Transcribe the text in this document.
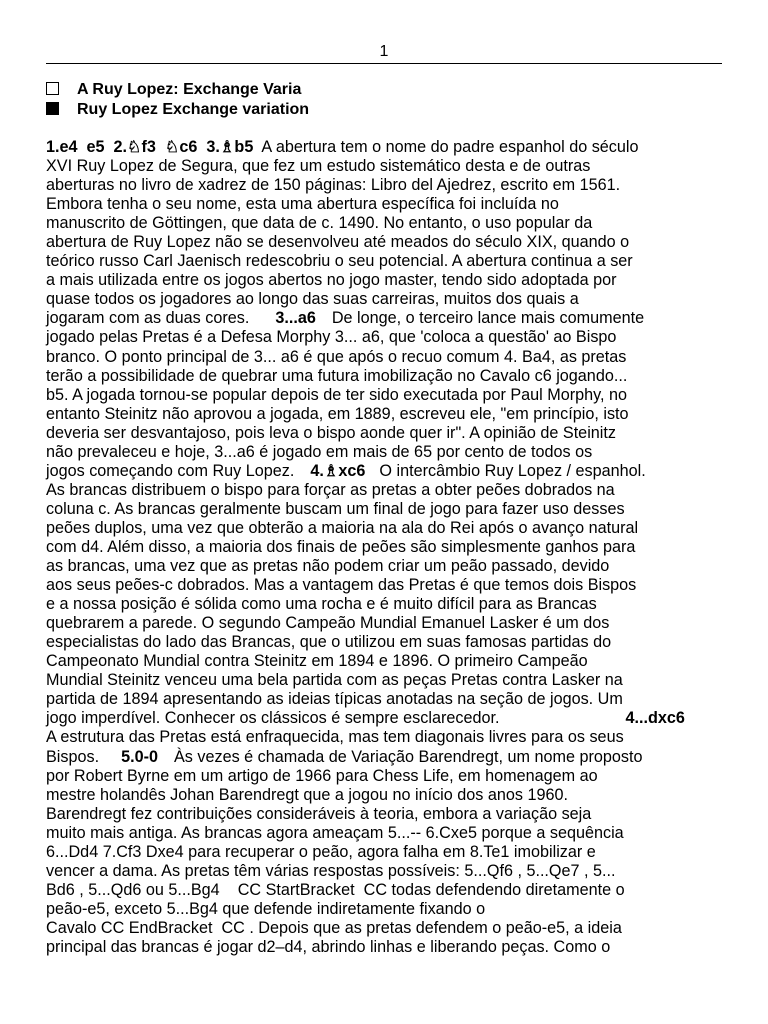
1
A Ruy Lopez: Exchange Varia
Ruy Lopez Exchange variation
1.e4  e5  2.♘f3  ♘c6  3.♗b5  A abertura tem o nome do padre espanhol do século
XVI Ruy Lopez de Segura, que fez um estudo sistemático desta e de outras
aberturas no livro de xadrez de 150 páginas: Libro del Ajedrez, escrito em 1561.
Embora tenha o seu nome, esta uma abertura específica foi incluída no
manuscrito de Göttingen, que data de c. 1490. No entanto, o uso popular da
abertura de Ruy Lopez não se desenvolveu até meados do século XIX, quando o
teórico russo Carl Jaenisch redescobriu o seu potencial. A abertura continua a ser
a mais utilizada entre os jogos abertos no jogo master, tendo sido adoptada por
quase todos os jogadores ao longo das suas carreiras, muitos dos quais a
jogaram com as duas cores. 3...a6 De longe, o terceiro lance mais comumente
jogado pelas Pretas é a Defesa Morphy 3... a6, que 'coloca a questão' ao Bispo
branco. O ponto principal de 3... a6 é que após o recuo comum 4. Ba4, as pretas
terão a possibilidade de quebrar uma futura imobilização no Cavalo c6 jogando...
b5. A jogada tornou-se popular depois de ter sido executada por Paul Morphy, no
entanto Steinitz não aprovou a jogada, em 1889, escreveu ele, "em princípio, isto
deveria ser desvantajoso, pois leva o bispo aonde quer ir". A opinião de Steinitz
não prevaleceu e hoje, 3...a6 é jogado em mais de 65 por cento de todos os
jogos começando com Ruy Lopez. 4.♗xc6 O intercâmbio Ruy Lopez / espanhol.
As brancas distribuem o bispo para forçar as pretas a obter peões dobrados na
coluna c. As brancas geralmente buscam um final de jogo para fazer uso desses
peões duplos, uma vez que obterão a maioria na ala do Rei após o avanço natural
com d4. Além disso, a maioria dos finais de peões são simplesmente ganhos para
as brancas, uma vez que as pretas não podem criar um peão passado, devido
aos seus peões-c dobrados. Mas a vantagem das Pretas é que temos dois Bispos
e a nossa posição é sólida como uma rocha e é muito difícil para as Brancas
quebrarem a parede. O segundo Campeão Mundial Emanuel Lasker é um dos
especialistas do lado das Brancas, que o utilizou em suas famosas partidas do
Campeonato Mundial contra Steinitz em 1894 e 1896. O primeiro Campeão
Mundial Steinitz venceu uma bela partida com as peças Pretas contra Lasker na
partida de 1894 apresentando as ideias típicas anotadas na seção de jogos. Um
jogo imperdível. Conhecer os clássicos é sempre esclarecedor.	4...dxc6
A estrutura das Pretas está enfraquecida, mas tem diagonais livres para os seus
Bispos. 5.0-0 Às vezes é chamada de Variação Barendregt, um nome proposto
por Robert Byrne em um artigo de 1966 para Chess Life, em homenagem ao
mestre holandês Johan Barendregt que a jogou no início dos anos 1960.
Barendregt fez contribuições consideráveis à teoria, embora a variação seja
muito mais antiga. As brancas agora ameaçam 5...-- 6.Cxe5 porque a sequência
6...Dd4 7.Cf3 Dxe4 para recuperar o peão, agora falha em 8.Te1 imobilizar e
vencer a dama. As pretas têm várias respostas possíveis: 5...Qf6 , 5...Qe7 , 5...
Bd6 , 5...Qd6 ou 5...Bg4 CC StartBracket  CC todas defendendo diretamente o
peão-e5, exceto 5...Bg4 que defende indiretamente fixando o
Cavalo CC EndBracket  CC . Depois que as pretas defendem o peão-e5, a ideia
principal das brancas é jogar d2–d4, abrindo linhas e liberando peças. Como o
